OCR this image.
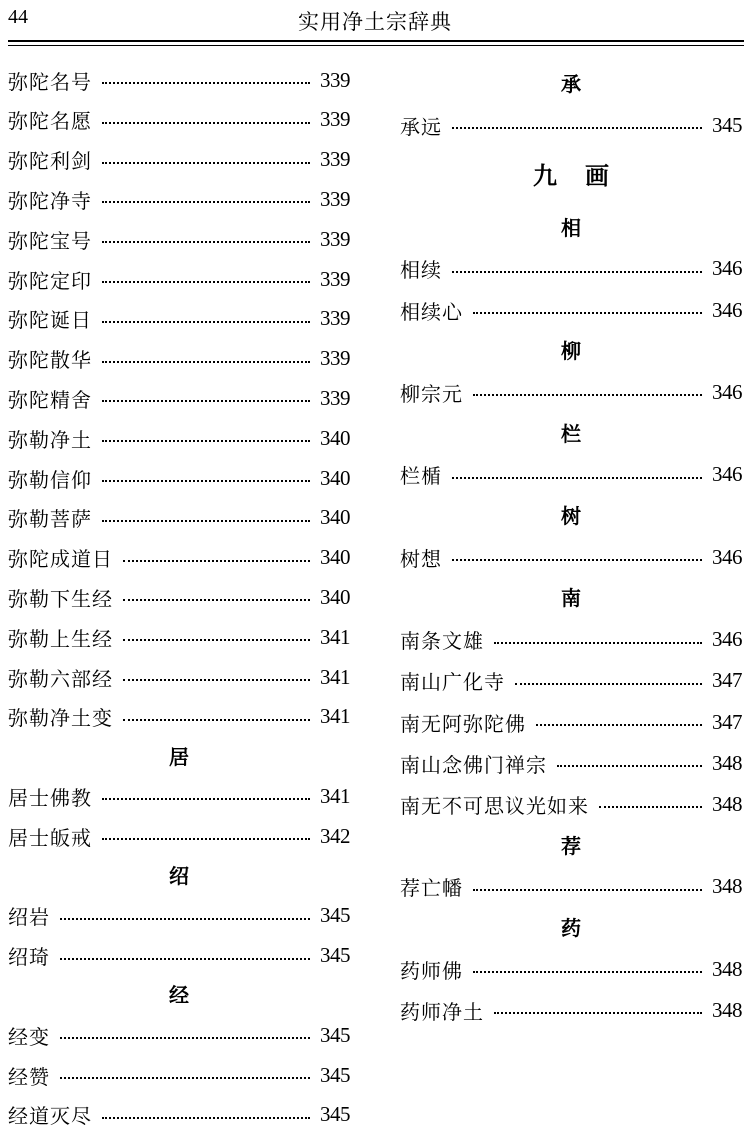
44	实用净土宗辞典
弥陀名号	339
弥陀名愿	339
弥陀利剑	339
弥陀净寺	339
弥陀宝号	339
弥陀定印	339
弥陀诞日	339
弥陀散华	339
弥陀精舍	339
弥勒净土	340
弥勒信仰	340
弥勒菩萨	340
弥陀成道日	340
弥勒下生经	340
弥勒上生经	341
弥勒六部经	341
弥勒净土变	341
居
居士佛教	341
居士皈戒	342
绍
绍岩	345
绍琦	345
经
经变	345
经赞	345
经道灭尽	345
承
承远	345
九画
相
相续	346
相续心	346
柳
柳宗元	346
栏
栏楯	346
树
树想	346
南
南条文雄	346
南山广化寺	347
南无阿弥陀佛	347
南山念佛门禅宗	348
南无不可思议光如来	348
荐
荐亡幡	348
药
药师佛	348
药师净土	348
